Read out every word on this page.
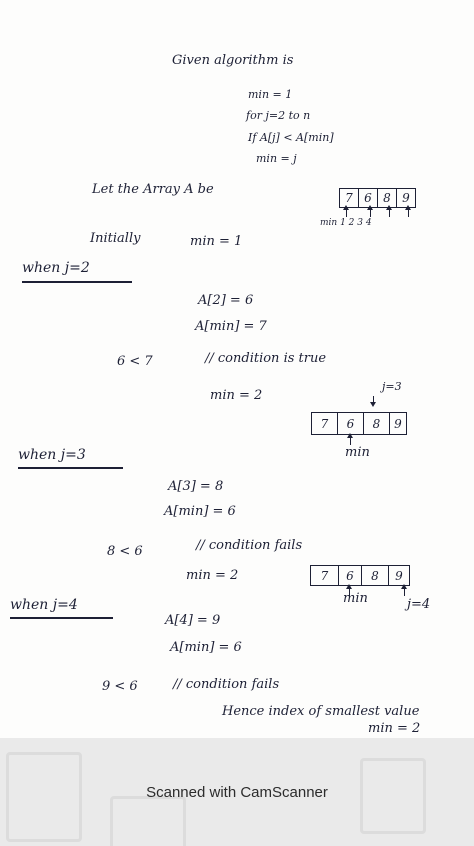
Given algorithm is
min = 1
for j=2 to n
If A[j] < A[min]
min = j
Let the Array A be
7 6 8 9
min 1 2 3 4
Initially	min = 1
when j=2
A[2] = 6
A[min] = 7
6 < 7	// condition is true
min = 2
j=3
7	6	8	9
min
when j=3
A[3] = 8
A[min] = 6
8 < 6	// condition fails
min = 2	7	6	8	9
min	j=4
when j=4
A[4] = 9
A[min] = 6
9 < 6	// condition fails
Hence index of smallest value
min = 2
Scanned with CamScanner
